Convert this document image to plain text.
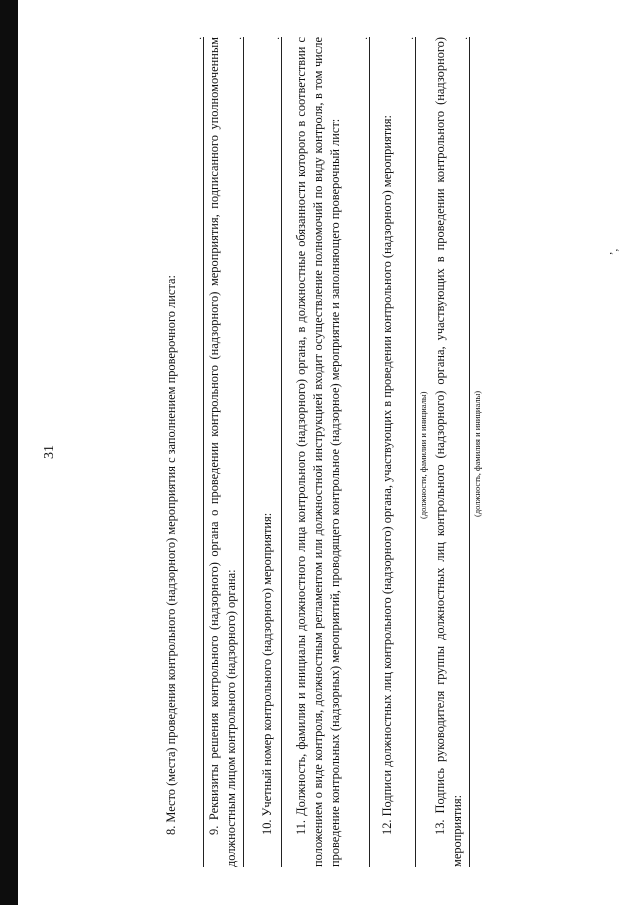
31
’,

8. Место (места) проведения контрольного (надзорного) мероприятия с заполнением проверочного листа:

. 9. Реквизиты решения контрольного (надзорного) органа о проведении контрольного (надзорного) мероприятия, подписанного уполномоченным должностным лицом контрольного (надзорного) органа:

.

10. Учетный номер контрольного (надзорного) мероприятия:

. 11. Должность, фамилия и инициалы должностного лица контрольного (надзорного) органа, в должностные обязанности которого в соответствии с положением о виде контроля, должностным регламентом или должностной инструкцией входит осуществление полномочий по виду контроля, в том числе проведение контрольных (надзорных) мероприятий, проводящего контрольное (надзорное) мероприятие и заполняющего проверочный лист:

.

12. Подписи должностных лиц контрольного (надзорного) органа, участвующих в проведении контрольного (надзорного) мероприятия:

.
(должности, фамилии и инициалы) 13. Подпись руководителя группы должностных лиц контрольного (надзорного) органа, участвующих в проведении контрольного (надзорного) мероприятия:

.
(должность, фамилия и инициалы)
